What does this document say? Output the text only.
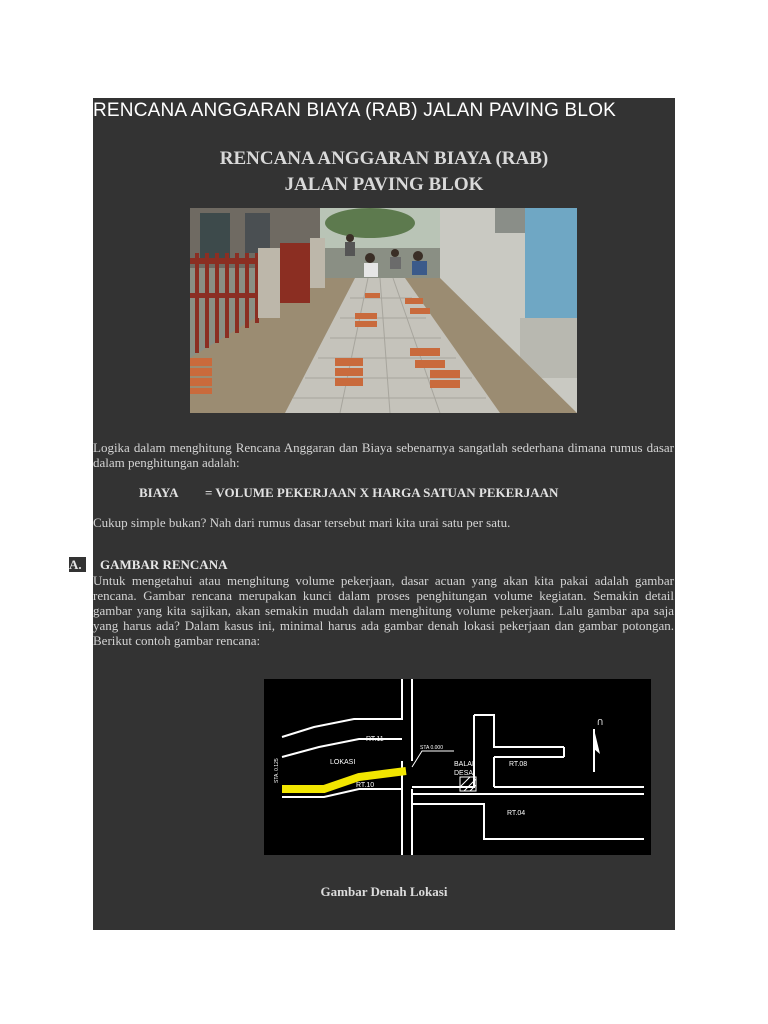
RENCANA ANGGARAN BIAYA (RAB) JALAN PAVING BLOK
RENCANA ANGGARAN BIAYA (RAB)
JALAN PAVING BLOK
Logika dalam menghitung Rencana Anggaran dan Biaya sebenarnya sangatlah sederhana dimana rumus dasar dalam penghitungan adalah:
BIAYA = VOLUME PEKERJAAN X HARGA SATUAN PEKERJAAN
Cukup simple bukan? Nah dari rumus dasar tersebut mari kita urai satu per satu.
A. GAMBAR RENCANA
Untuk mengetahui atau menghitung volume pekerjaan, dasar acuan yang akan kita pakai adalah gambar rencana. Gambar rencana merupakan kunci dalam proses penghitungan volume kegiatan. Semakin detail gambar yang kita sajikan, akan semakin mudah dalam menghitung volume pekerjaan. Lalu gambar apa saja yang harus ada? Dalam kasus ini, minimal harus ada gambar denah lokasi pekerjaan dan gambar potongan. Berikut contoh gambar rencana:
RT.11
LOKASI
RT.10
STA 0.000
STA. 0.125	BALAI
DESA
RT.08
RT.04
U
Gambar Denah Lokasi
